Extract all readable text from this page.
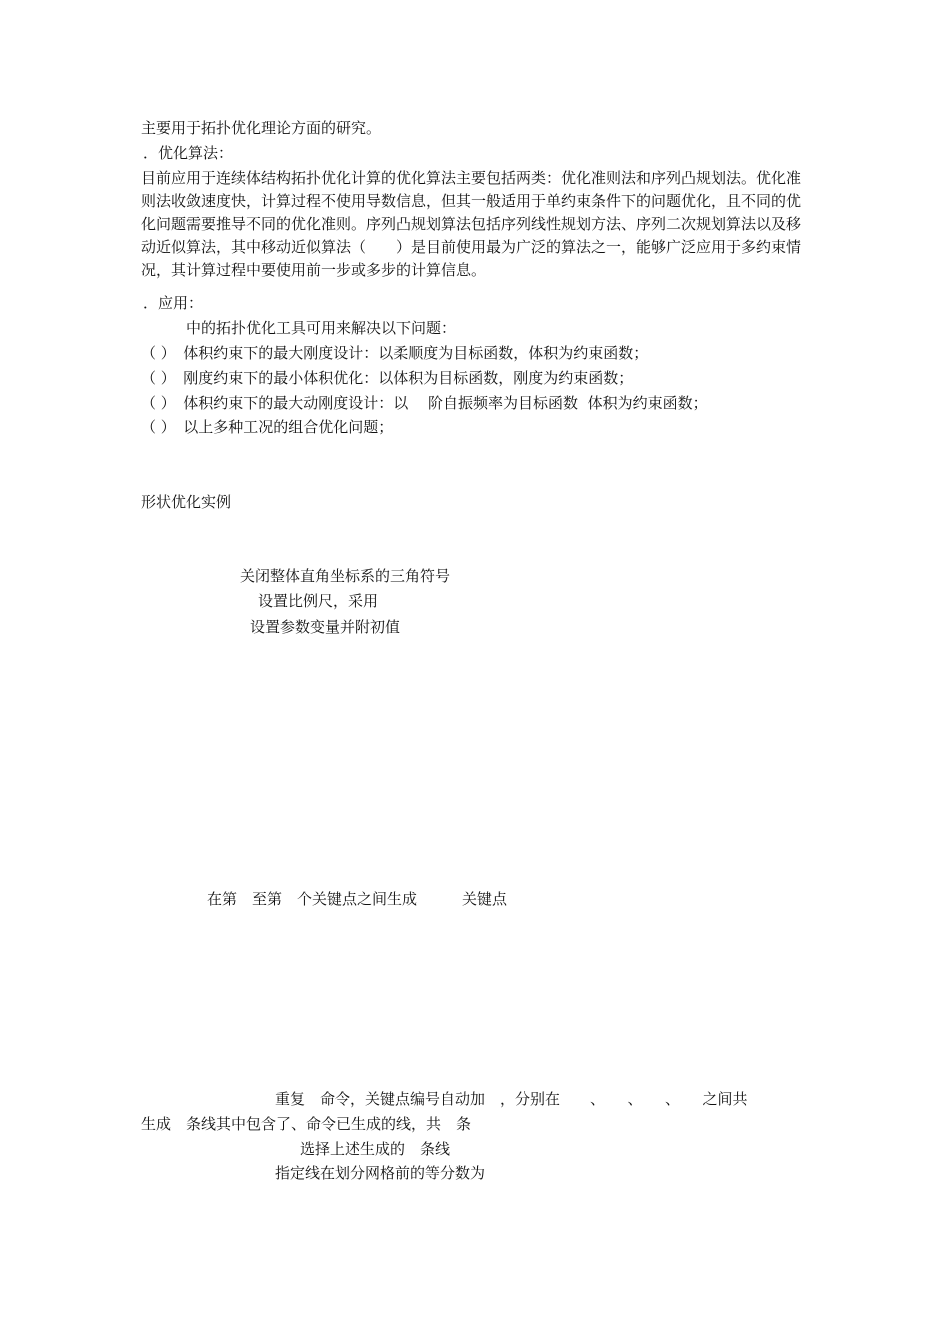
主要用于拓扑优化理论方面的研究。
．优化算法：
目前应用于连续体结构拓扑优化计算的优化算法主要包括两类：优化准则法和序列凸规划法。优化准则法收敛速度快，计算过程不使用导数信息，但其一般适用于单约束条件下的问题优化，且不同的优化问题需要推导不同的优化准则。序列凸规划算法包括序列线性规划方法、序列二次规划算法以及移动近似算法，其中移动近似算法（　　）是目前使用最为广泛的算法之一，能够广泛应用于多约束情况，其计算过程中要使用前一步或多步的计算信息。
．应用：
中的拓扑优化工具可用来解决以下问题：
（ ）　体积约束下的最大刚度设计：以柔顺度为目标函数，体积为约束函数；
（ ）　刚度约束下的最小体积优化：以体积为目标函数，刚度为约束函数；
（ ）　体积约束下的最大动刚度设计：以　 阶自振频率为目标函数  体积为约束函数；
（ ）　以上多种工况的组合优化问题；
形状优化实例
关闭整体直角坐标系的三角符号
设置比例尺，采用
设置参数变量并附初值
在第　至第　个关键点之间生成　　　关键点
重复　命令，关键点编号自动加　，分别在　　、　　、　　、　　之间共
生成　条线其中包含了、命令已生成的线，共　条
选择上述生成的　条线
指定线在划分网格前的等分数为
